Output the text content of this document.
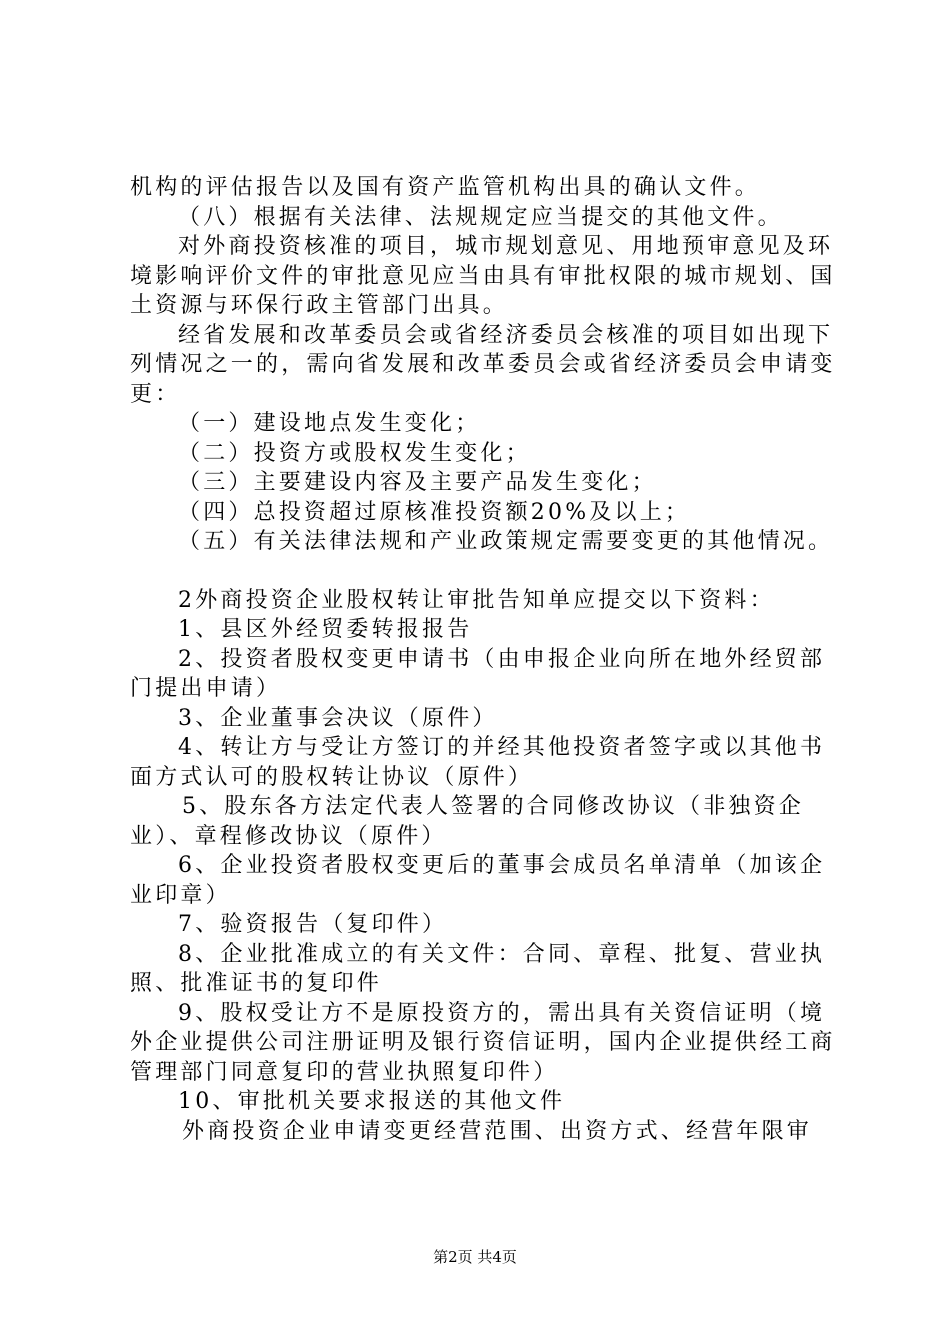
机构的评估报告以及国有资产监管机构出具的确认文件。

（八）根据有关法律、法规规定应当提交的其他文件。

对外商投资核准的项目，城市规划意见、用地预审意见及环境影响评价文件的审批意见应当由具有审批权限的城市规划、国土资源与环保行政主管部门出具。

经省发展和改革委员会或省经济委员会核准的项目如出现下列情况之一的，需向省发展和改革委员会或省经济委员会申请变更：

（一）建设地点发生变化；

（二）投资方或股权发生变化；

（三）主要建设内容及主要产品发生变化；

（四）总投资超过原核准投资额20%及以上；

（五）有关法律法规和产业政策规定需要变更的其他情况。

2外商投资企业股权转让审批告知单应提交以下资料：

1、县区外经贸委转报报告

2、投资者股权变更申请书（由申报企业向所在地外经贸部门提出申请）

3、企业董事会决议（原件）

4、转让方与受让方签订的并经其他投资者签字或以其他书面方式认可的股权转让协议（原件）

5、股东各方法定代表人签署的合同修改协议（非独资企业）、章程修改协议（原件）

6、企业投资者股权变更后的董事会成员名单清单（加该企业印章）

7、验资报告（复印件）

8、企业批准成立的有关文件：合同、章程、批复、营业执照、批准证书的复印件

9、股权受让方不是原投资方的，需出具有关资信证明（境外企业提供公司注册证明及银行资信证明，国内企业提供经工商管理部门同意复印的营业执照复印件）

10、审批机关要求报送的其他文件

外商投资企业申请变更经营范围、出资方式、经营年限审

第2页 共4页
